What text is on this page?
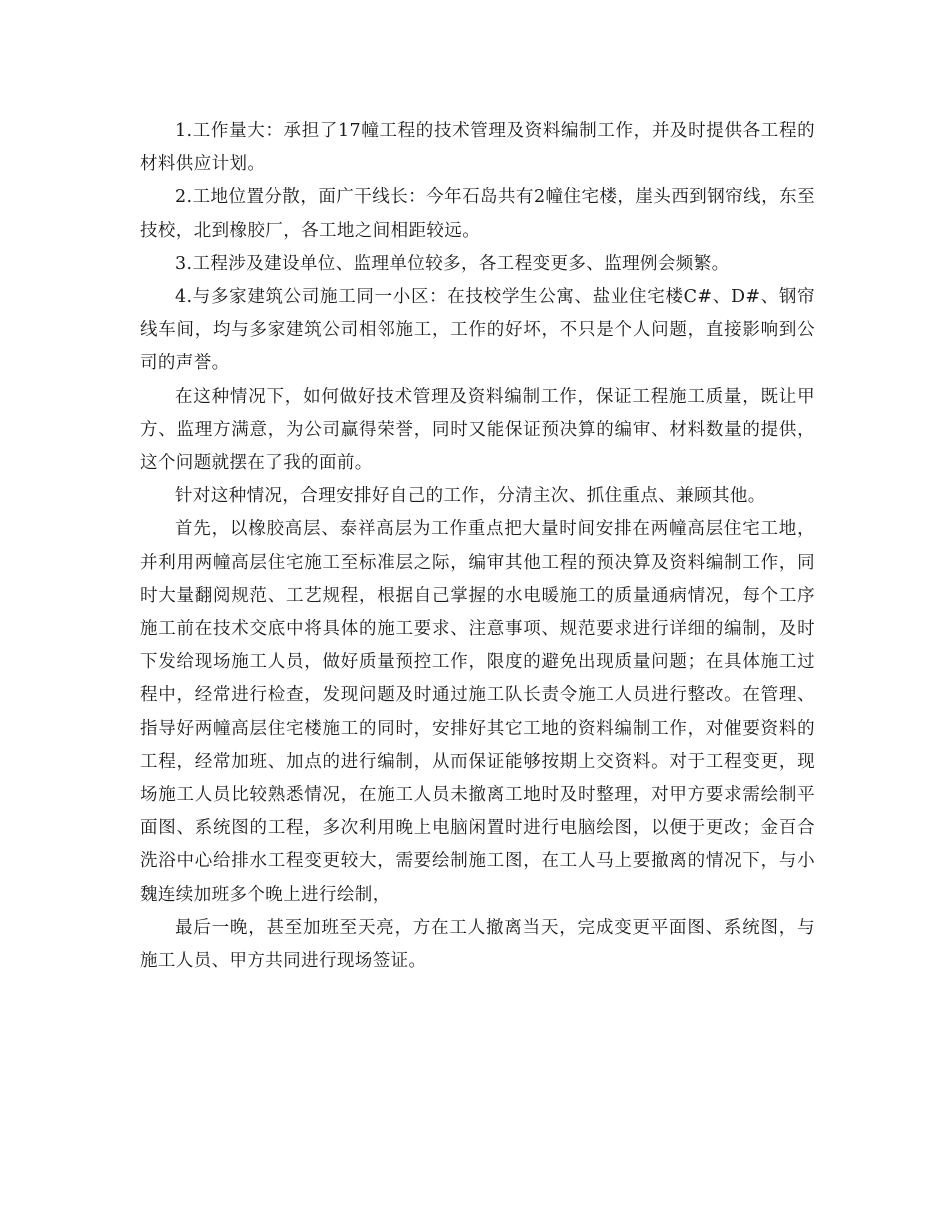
1.工作量大：承担了17幢工程的技术管理及资料编制工作，并及时提供各工程的材料供应计划。

2.工地位置分散，面广干线长：今年石岛共有2幢住宅楼，崖头西到钢帘线，东至技校，北到橡胶厂，各工地之间相距较远。

3.工程涉及建设单位、监理单位较多，各工程变更多、监理例会频繁。

4.与多家建筑公司施工同一小区：在技校学生公寓、盐业住宅楼C#、D#、钢帘线车间，均与多家建筑公司相邻施工，工作的好坏，不只是个人问题，直接影响到公司的声誉。

在这种情况下，如何做好技术管理及资料编制工作，保证工程施工质量，既让甲方、监理方满意，为公司赢得荣誉，同时又能保证预决算的编审、材料数量的提供，这个问题就摆在了我的面前。

针对这种情况，合理安排好自己的工作，分清主次、抓住重点、兼顾其他。

首先，以橡胶高层、泰祥高层为工作重点把大量时间安排在两幢高层住宅工地，并利用两幢高层住宅施工至标准层之际，编审其他工程的预决算及资料编制工作，同时大量翻阅规范、工艺规程，根据自己掌握的水电暖施工的质量通病情况，每个工序施工前在技术交底中将具体的施工要求、注意事项、规范要求进行详细的编制，及时下发给现场施工人员，做好质量预控工作，限度的避免出现质量问题；在具体施工过程中，经常进行检查，发现问题及时通过施工队长责令施工人员进行整改。在管理、指导好两幢高层住宅楼施工的同时，安排好其它工地的资料编制工作，对催要资料的工程，经常加班、加点的进行编制，从而保证能够按期上交资料。对于工程变更，现场施工人员比较熟悉情况，在施工人员未撤离工地时及时整理，对甲方要求需绘制平面图、系统图的工程，多次利用晚上电脑闲置时进行电脑绘图，以便于更改；金百合洗浴中心给排水工程变更较大，需要绘制施工图，在工人马上要撤离的情况下，与小魏连续加班多个晚上进行绘制，

最后一晚，甚至加班至天亮，方在工人撤离当天，完成变更平面图、系统图，与施工人员、甲方共同进行现场签证。
